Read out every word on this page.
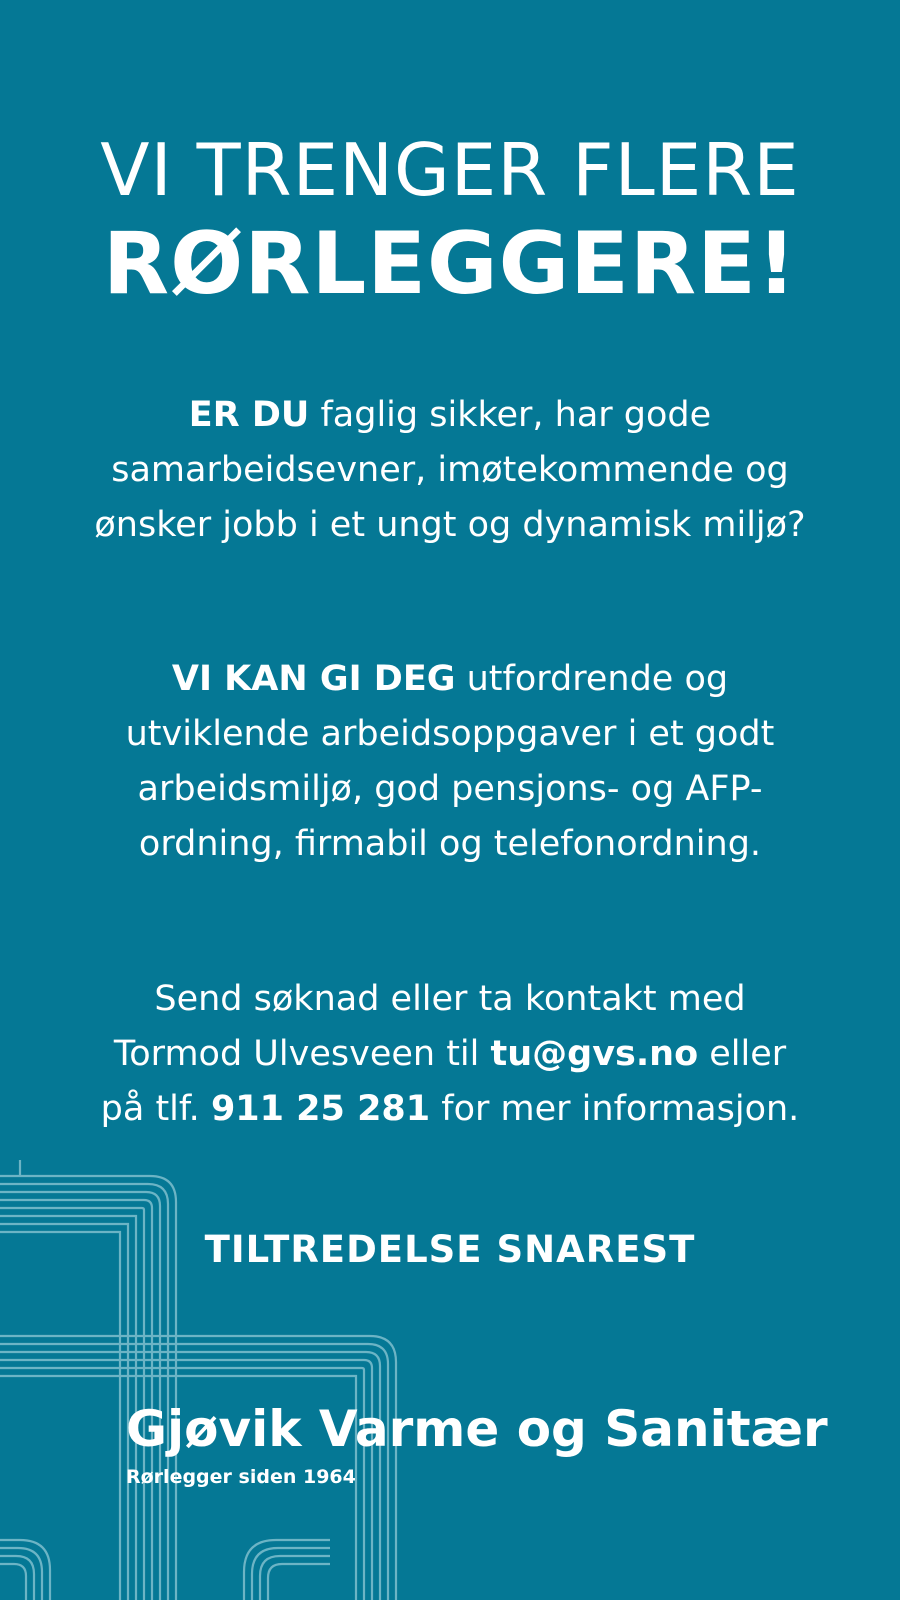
VI TRENGER FLERE
RØRLEGGERE!

ER DU faglig sikker, har gode samarbeidsevner, imøtekommende og ønsker jobb i et ungt og dynamisk miljø?

VI KAN GI DEG utfordrende og utviklende arbeidsoppgaver i et godt arbeidsmiljø, god pensjons- og AFP-ordning, firmabil og telefonordning.

Send søknad eller ta kontakt med Tormod Ulvesveen til tu@gvs.no eller på tlf. 911 25 281 for mer informasjon.

TILTREDELSE SNAREST

Gjøvik Varme og Sanitær
Rørlegger siden 1964
